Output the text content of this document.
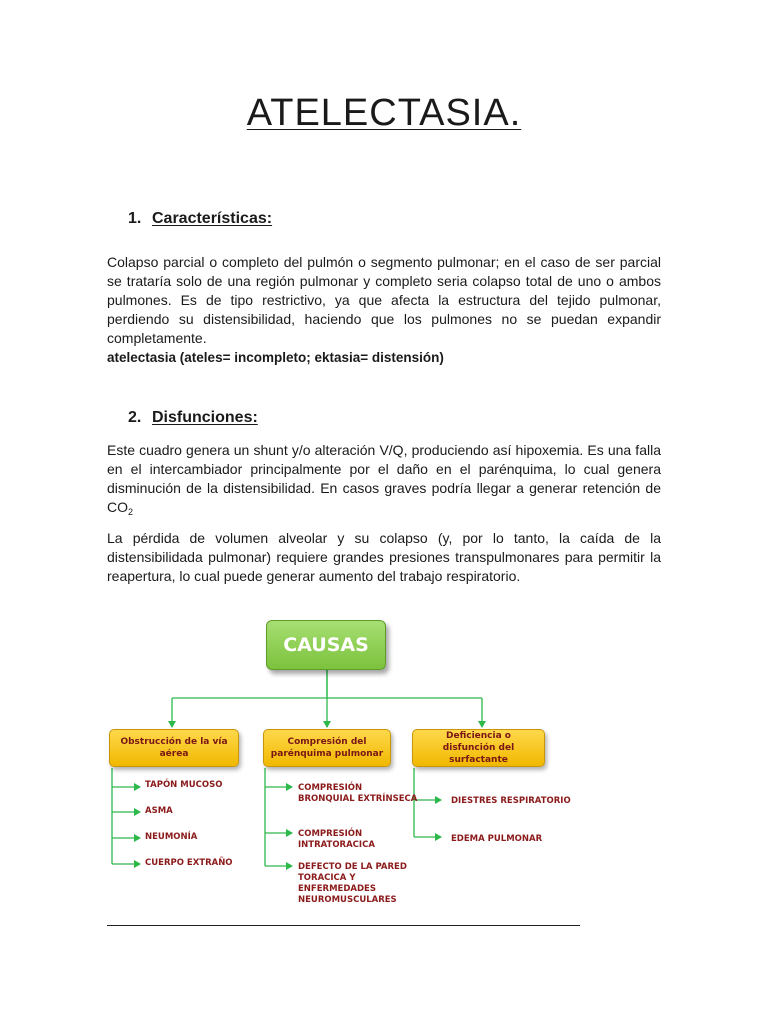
ATELECTASIA.
1. Características:
Colapso parcial o completo del pulmón o segmento pulmonar; en el caso de ser parcial se trataría solo de una región pulmonar y completo seria colapso total de uno o ambos pulmones. Es de tipo restrictivo, ya que afecta la estructura del tejido pulmonar, perdiendo su distensibilidad, haciendo que los pulmones no se puedan expandir completamente.
atelectasia (ateles= incompleto; ektasia= distensión)
2. Disfunciones:
Este cuadro genera un shunt y/o alteración V/Q, produciendo así hipoxemia. Es una falla en el intercambiador principalmente por el daño en el parénquima, lo cual genera disminución de la distensibilidad. En casos graves podría llegar a generar retención de $CO_2$
La pérdida de volumen alveolar y su colapso (y, por lo tanto, la caída de la distensibilidada pulmonar) requiere grandes presiones transpulmonares para permitir la reapertura, lo cual puede generar aumento del trabajo respiratorio.
CAUSAS
Obstrucción de la vía aérea
Compresión del parénquima pulmonar
Deficiencia o disfunción del surfactante
TAPÓN MUCOSO
ASMA
NEUMONÍA
CUERPO EXTRAÑO
COMPRESIÓN
BRONQUIAL EXTRÍNSECA
COMPRESIÓN
INTRATORACICA
DEFECTO DE LA PARED
TORACICA Y
ENFERMEDADES
NEUROMUSCULARES
DIESTRES RESPIRATORIO
EDEMA PULMONAR
